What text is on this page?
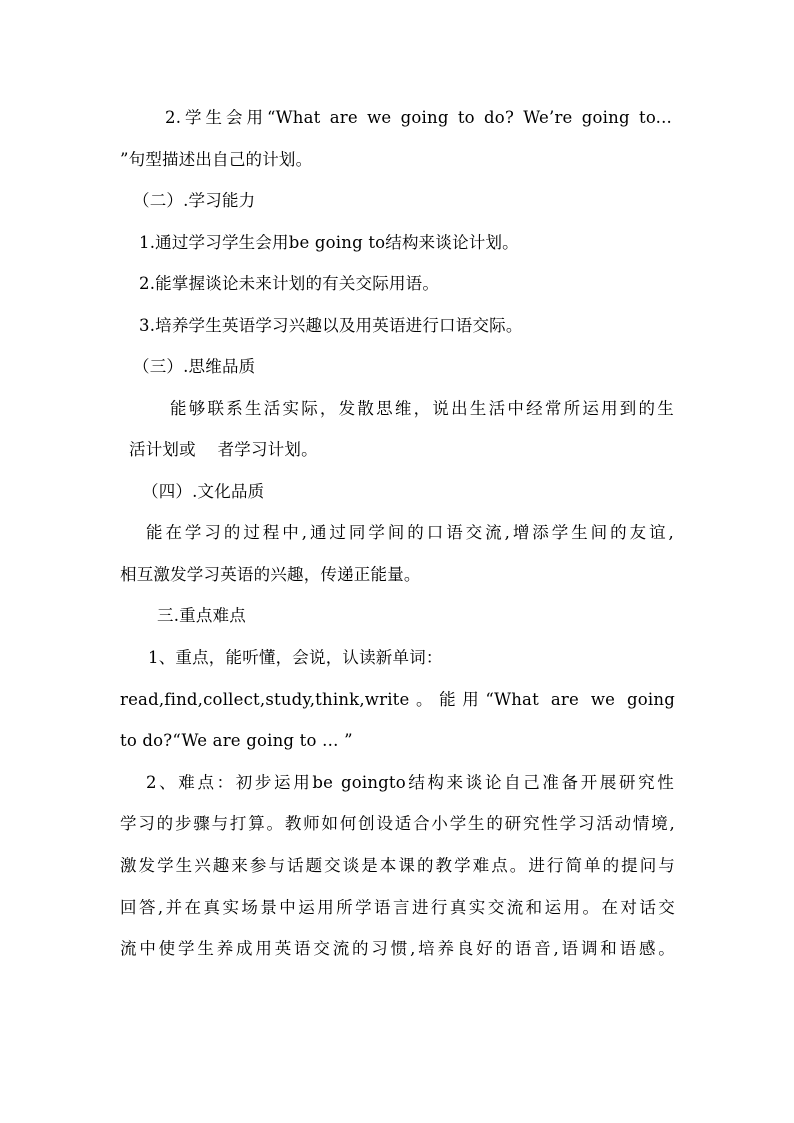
2.学生会用“What are we going to do? We’re going to...
”句型描述出自己的计划。
（二）.学习能力
1.通过学习学生会用be going to结构来谈论计划。
2.能掌握谈论未来计划的有关交际用语。
3.培养学生英语学习兴趣以及用英语进行口语交际。
（三）.思维品质
能够联系生活实际，发散思维，说出生活中经常所运用到的生
活计划或    者学习计划。
（四）.文化品质
能在学习的过程中,通过同学间的口语交流,增添学生间的友谊,
相互激发学习英语的兴趣，传递正能量。
三.重点难点
1、重点，能听懂，会说，认读新单词：
read,find,collect,study,think,write。能用“What are we going
to do?“We are going to … ”
2、难点：初步运用be goingto结构来谈论自己准备开展研究性
学习的步骤与打算。教师如何创设适合小学生的研究性学习活动情境,
激发学生兴趣来参与话题交谈是本课的教学难点。进行简单的提问与
回答,并在真实场景中运用所学语言进行真实交流和运用。在对话交
流中使学生养成用英语交流的习惯,培养良好的语音,语调和语感。
